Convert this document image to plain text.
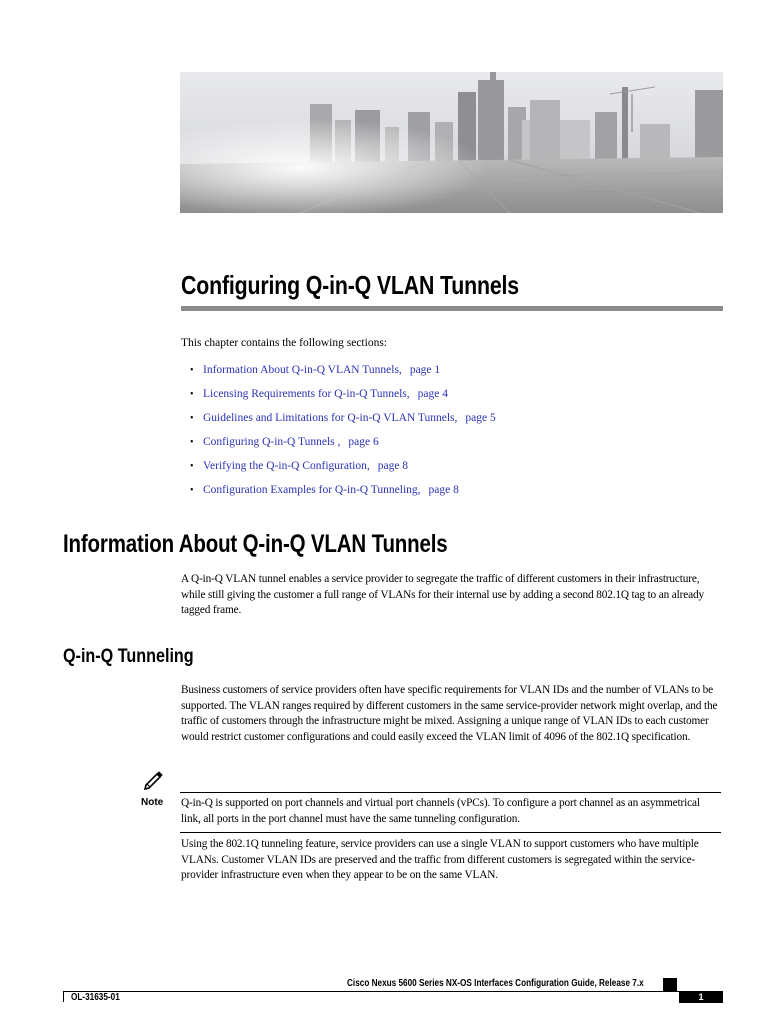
Configuring Q-in-Q VLAN Tunnels
This chapter contains the following sections:
• Information About Q-in-Q VLAN Tunnels, page 1
• Licensing Requirements for Q-in-Q Tunnels, page 4
• Guidelines and Limitations for Q-in-Q VLAN Tunnels, page 5
• Configuring Q-in-Q Tunnels , page 6
• Verifying the Q-in-Q Configuration, page 8
• Configuration Examples for Q-in-Q Tunneling, page 8
Information About Q-in-Q VLAN Tunnels
A Q-in-Q VLAN tunnel enables a service provider to segregate the traffic of different customers in their infrastructure, while still giving the customer a full range of VLANs for their internal use by adding a second 802.1Q tag to an already tagged frame.
Q-in-Q Tunneling
Business customers of service providers often have specific requirements for VLAN IDs and the number of VLANs to be supported. The VLAN ranges required by different customers in the same service-provider network might overlap, and the traffic of customers through the infrastructure might be mixed. Assigning a unique range of VLAN IDs to each customer would restrict customer configurations and could easily exceed the VLAN limit of 4096 of the 802.1Q specification.
Note Q-in-Q is supported on port channels and virtual port channels (vPCs). To configure a port channel as an asymmetrical link, all ports in the port channel must have the same tunneling configuration.
Using the 802.1Q tunneling feature, service providers can use a single VLAN to support customers who have multiple VLANs. Customer VLAN IDs are preserved and the traffic from different customers is segregated within the service-provider infrastructure even when they appear to be on the same VLAN.
Cisco Nexus 5600 Series NX-OS Interfaces Configuration Guide, Release 7.x
OL-31635-01	1
